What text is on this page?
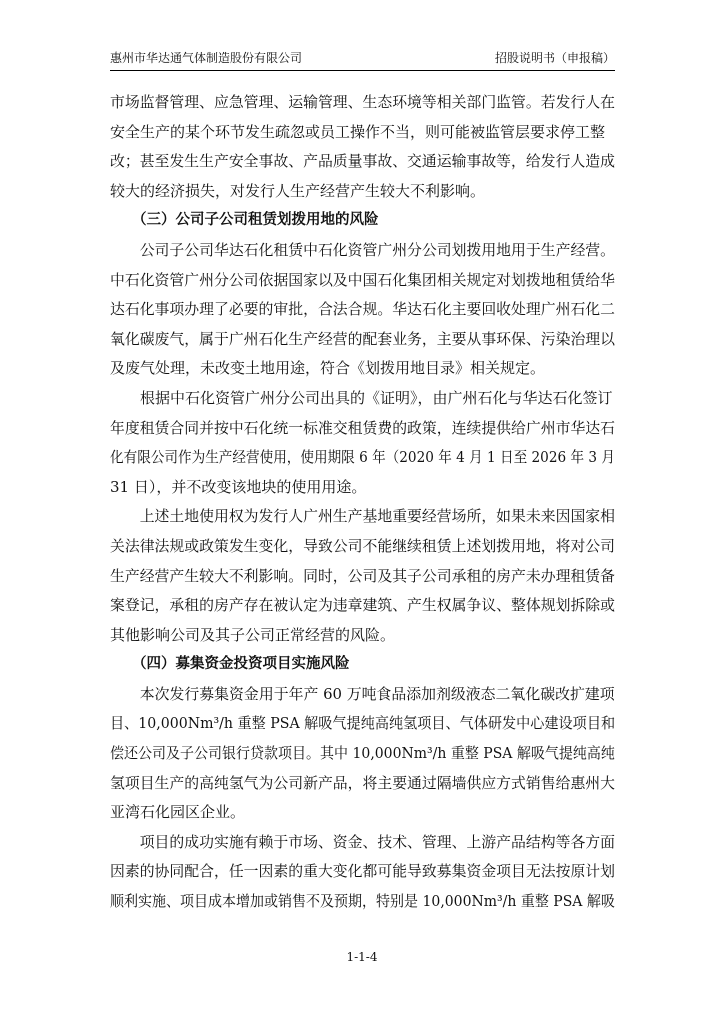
惠州市华达通气体制造股份有限公司	招股说明书（申报稿）

市场监督管理、应急管理、运输管理、生态环境等相关部门监管。若发行人在
安全生产的某个环节发生疏忽或员工操作不当，则可能被监管层要求停工整
改；甚至发生生产安全事故、产品质量事故、交通运输事故等，给发行人造成
较大的经济损失，对发行人生产经营产生较大不利影响。

（三）公司子公司租赁划拨用地的风险

公司子公司华达石化租赁中石化资管广州分公司划拨用地用于生产经营。
中石化资管广州分公司依据国家以及中国石化集团相关规定对划拨地租赁给华
达石化事项办理了必要的审批，合法合规。华达石化主要回收处理广州石化二
氧化碳废气，属于广州石化生产经营的配套业务，主要从事环保、污染治理以
及废气处理，未改变土地用途，符合《划拨用地目录》相关规定。

根据中石化资管广州分公司出具的《证明》，由广州石化与华达石化签订
年度租赁合同并按中石化统一标准交租赁费的政策，连续提供给广州市华达石
化有限公司作为生产经营使用，使用期限 6 年（2020 年 4 月 1 日至 2026 年 3 月
31 日），并不改变该地块的使用用途。

上述土地使用权为发行人广州生产基地重要经营场所，如果未来因国家相
关法律法规或政策发生变化，导致公司不能继续租赁上述划拨用地，将对公司
生产经营产生较大不利影响。同时，公司及其子公司承租的房产未办理租赁备
案登记，承租的房产存在被认定为违章建筑、产生权属争议、整体规划拆除或
其他影响公司及其子公司正常经营的风险。

（四）募集资金投资项目实施风险

本次发行募集资金用于年产 60 万吨食品添加剂级液态二氧化碳改扩建项
目、10,000Nm³/h 重整 PSA 解吸气提纯高纯氢项目、气体研发中心建设项目和
偿还公司及子公司银行贷款项目。其中 10,000Nm³/h 重整 PSA 解吸气提纯高纯
氢项目生产的高纯氢气为公司新产品，将主要通过隔墙供应方式销售给惠州大
亚湾石化园区企业。

项目的成功实施有赖于市场、资金、技术、管理、上游产品结构等各方面
因素的协同配合，任一因素的重大变化都可能导致募集资金项目无法按原计划
顺利实施、项目成本增加或销售不及预期，特别是 10,000Nm³/h 重整 PSA 解吸

1-1-4
